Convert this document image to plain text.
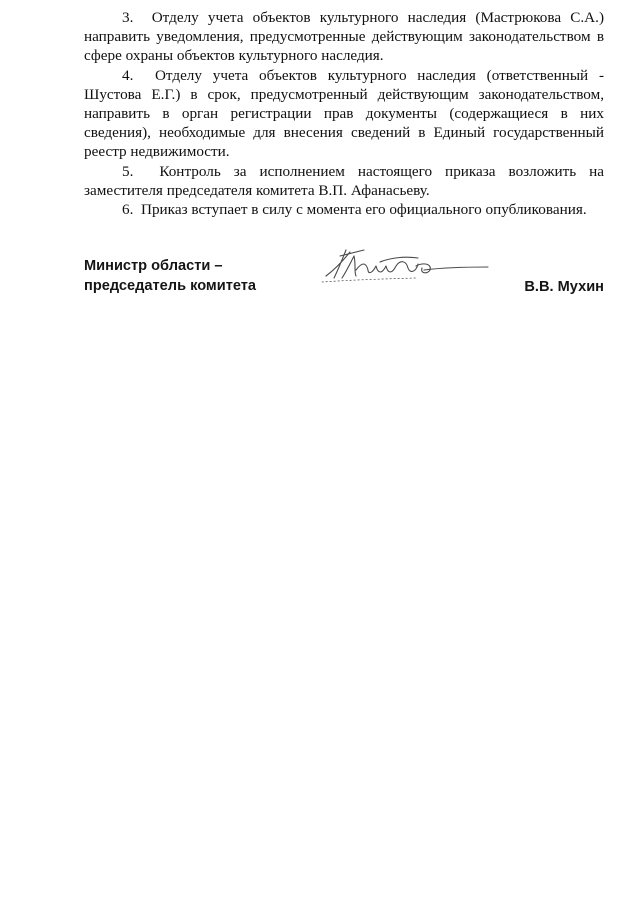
3. Отделу учета объектов культурного наследия (Мастрюкова С.А.) направить уведомления, предусмотренные действующим законодательством в сфере охраны объектов культурного наследия.

4. Отделу учета объектов культурного наследия (ответственный - Шустова Е.Г.) в срок, предусмотренный действующим законодательством, направить в орган регистрации прав документы (содержащиеся в них сведения), необходимые для внесения сведений в Единый государственный реестр недвижимости.

5. Контроль за исполнением настоящего приказа возложить на заместителя председателя комитета В.П. Афанасьеву.

6. Приказ вступает в силу с момента его официального опубликования.

Министр области –
председатель комитета	В.В. Мухин
